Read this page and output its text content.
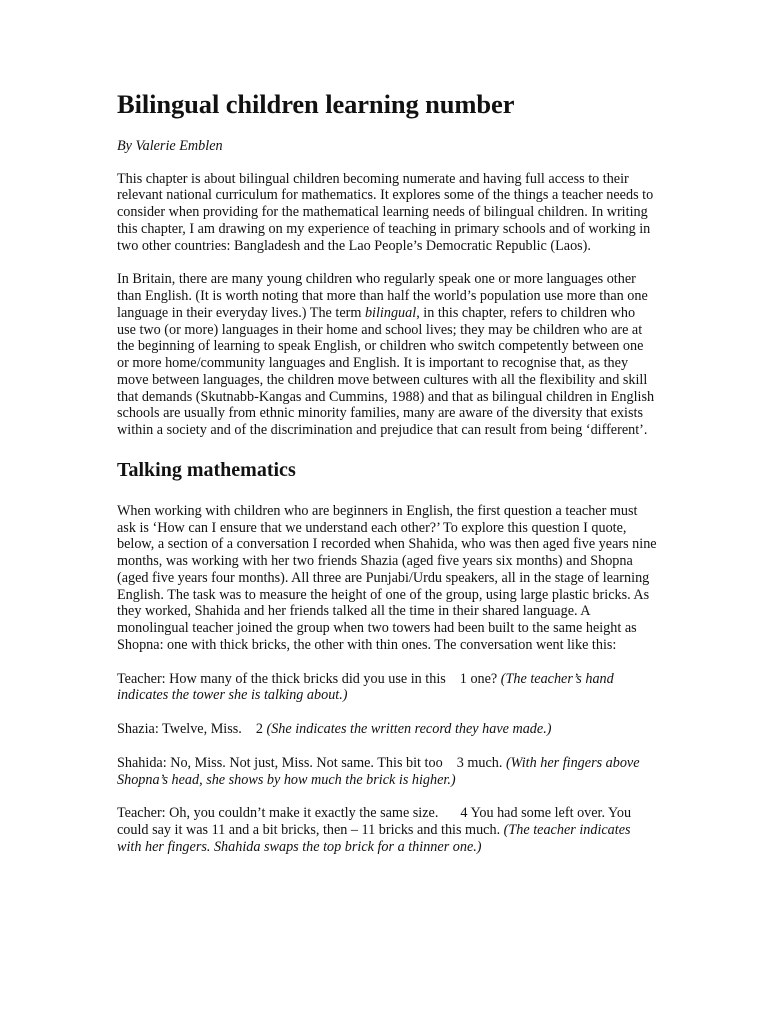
Bilingual children learning number
By Valerie Emblen

This chapter is about bilingual children becoming numerate and having full access to their relevant national curriculum for mathematics. It explores some of the things a teacher needs to consider when providing for the mathematical learning needs of bilingual children. In writing this chapter, I am drawing on my experience of teaching in primary schools and of working in two other countries: Bangladesh and the Lao People’s Democratic Republic (Laos).

In Britain, there are many young children who regularly speak one or more languages other than English. (It is worth noting that more than half the world’s population use more than one language in their everyday lives.) The term bilingual, in this chapter, refers to children who use two (or more) languages in their home and school lives; they may be children who are at the beginning of learning to speak English, or children who switch competently between one or more home/community languages and English. It is important to recognise that, as they move between languages, the children move between cultures with all the flexibility and skill that demands (Skutnabb-Kangas and Cummins, 1988) and that as bilingual children in English schools are usually from ethnic minority families, many are aware of the diversity that exists within a society and of the discrimination and prejudice that can result from being ‘different’.

Talking mathematics

When working with children who are beginners in English, the first question a teacher must ask is ‘How can I ensure that we understand each other?’ To explore this question I quote, below, a section of a conversation I recorded when Shahida, who was then aged five years nine months, was working with her two friends Shazia (aged five years six months) and Shopna (aged five years four months). All three are Punjabi/Urdu speakers, all in the stage of learning English. The task was to measure the height of one of the group, using large plastic bricks. As they worked, Shahida and her friends talked all the time in their shared language. A monolingual teacher joined the group when two towers had been built to the same height as Shopna: one with thick bricks, the other with thin ones. The conversation went like this:

Teacher: How many of the thick bricks did you use in this 1 one? (The teacher’s hand indicates the tower she is talking about.)

Shazia: Twelve, Miss. 2 (She indicates the written record they have made.)

Shahida: No, Miss. Not just, Miss. Not same. This bit too 3 much. (With her fingers above Shopna’s head, she shows by how much the brick is higher.)

Teacher: Oh, you couldn’t make it exactly the same size. 4 You had some left over. You could say it was 11 and a bit bricks, then – 11 bricks and this much. (The teacher indicates with her fingers. Shahida swaps the top brick for a thinner one.)
